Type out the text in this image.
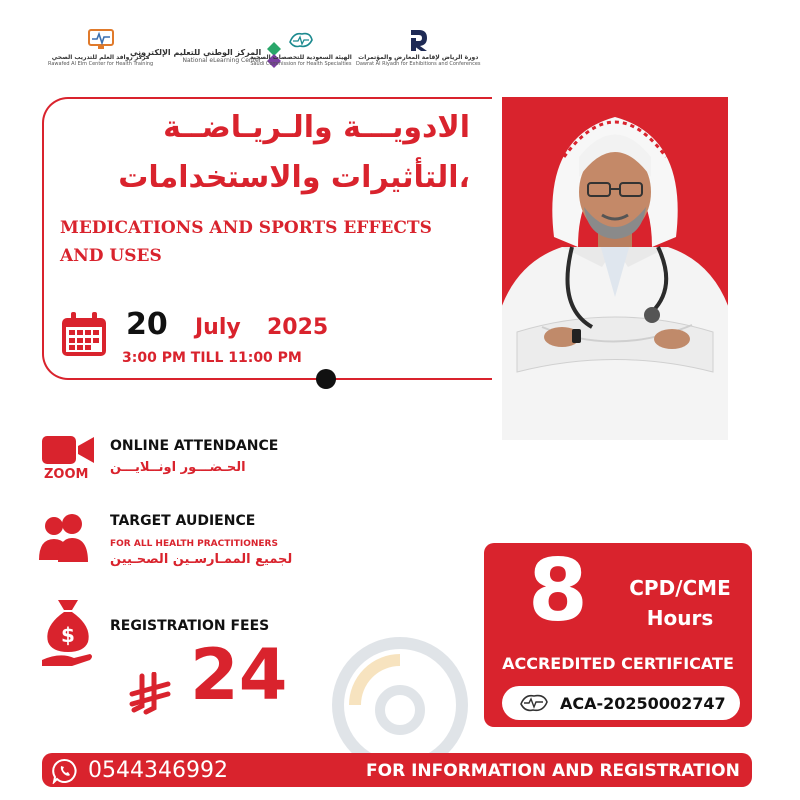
مركز روافد العلم للتدريب الصحي
Rawafed Al Elm Center for Health Training
المركز الوطني للتعليم الإلكتروني
National eLearning Center
الهيئة السعودية للتخصصات الصحية
Saudi Commission for Health Specialties
دورة الرياض لإقامة المعارض والمؤتمرات
Dawrat Al Riyadh for Exhibitions and Conferences
الادويـــة والـريـاضــة
،التأثيرات والاستخدامات
MEDICATIONS AND SPORTS EFFECTS AND USES
20 July 2025
3:00 PM TILL 11:00 PM
ZOOM
ONLINE ATTENDANCE
الحـضـــور اونــلايـــن
TARGET AUDIENCE
FOR ALL HEALTH PRACTITIONERS
لجميع الممـارسـين الصحـيين
$	REGISTRATION FEES
24
8	CPD/CME
Hours
ACCREDITED CERTIFICATE
ACA-20250002747
0544346992	FOR INFORMATION AND REGISTRATION
